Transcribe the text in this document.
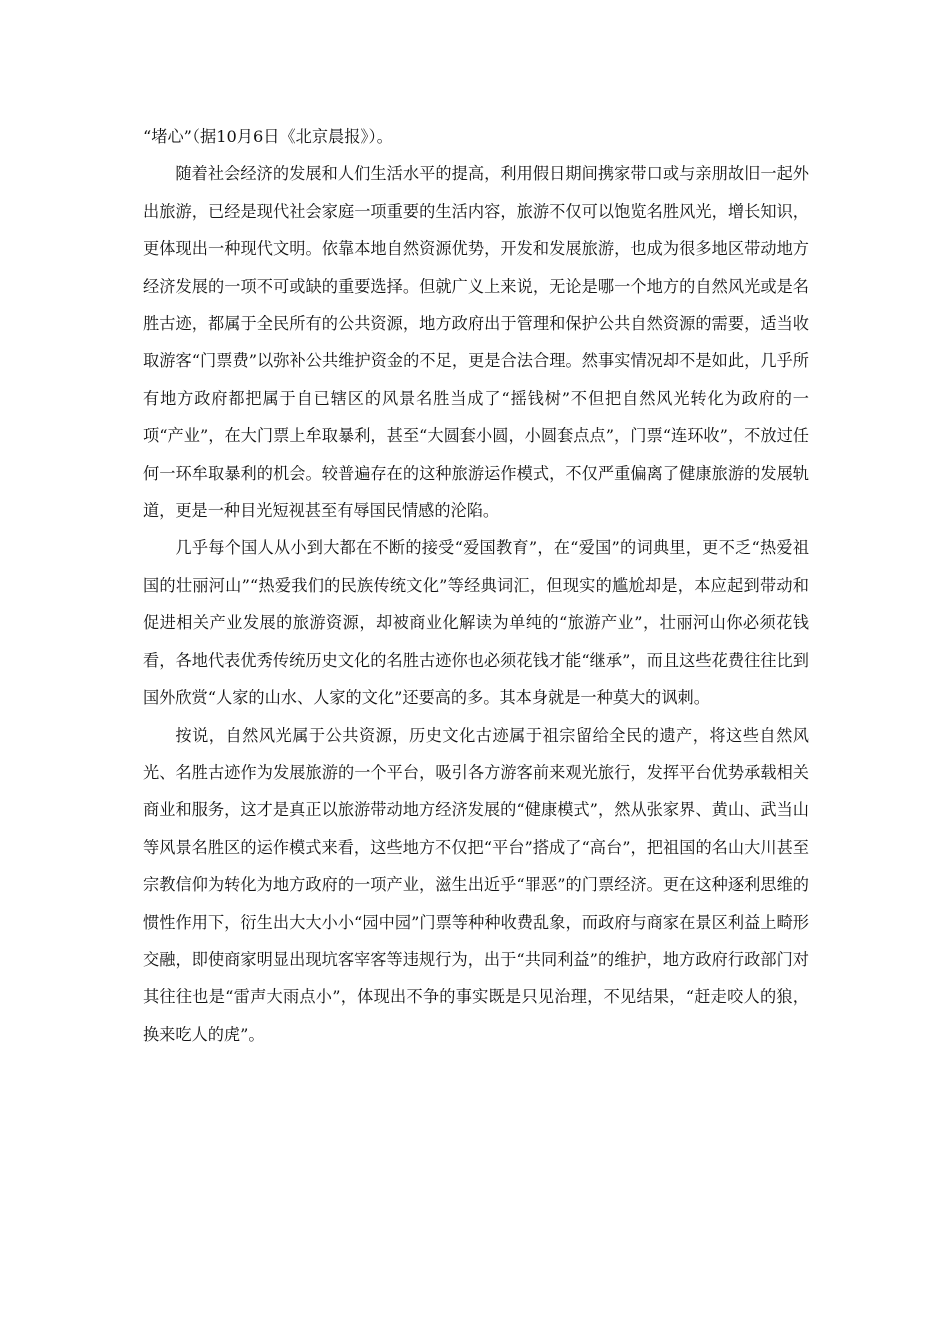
“堵心”（据10月6日《北京晨报》）。

随着社会经济的发展和人们生活水平的提高，利用假日期间携家带口或与亲朋故旧一起外出旅游，已经是现代社会家庭一项重要的生活内容，旅游不仅可以饱览名胜风光，增长知识，更体现出一种现代文明。依靠本地自然资源优势，开发和发展旅游，也成为很多地区带动地方经济发展的一项不可或缺的重要选择。但就广义上来说，无论是哪一个地方的自然风光或是名胜古迹，都属于全民所有的公共资源，地方政府出于管理和保护公共自然资源的需要，适当收取游客“门票费”以弥补公共维护资金的不足，更是合法合理。然事实情况却不是如此，几乎所有地方政府都把属于自已辖区的风景名胜当成了“摇钱树”不但把自然风光转化为政府的一项“产业”，在大门票上牟取暴利，甚至“大圆套小圆，小圆套点点”，门票“连环收”，不放过任何一环牟取暴利的机会。较普遍存在的这种旅游运作模式，不仅严重偏离了健康旅游的发展轨道，更是一种目光短视甚至有辱国民情感的沦陷。

几乎每个国人从小到大都在不断的接受“爱国教育”，在“爱国”的词典里，更不乏“热爱祖国的壮丽河山”“热爱我们的民族传统文化”等经典词汇，但现实的尴尬却是，本应起到带动和促进相关产业发展的旅游资源，却被商业化解读为单纯的“旅游产业”，壮丽河山你必须花钱看，各地代表优秀传统历史文化的名胜古迹你也必须花钱才能“继承”，而且这些花费往往比到国外欣赏“人家的山水、人家的文化”还要高的多。其本身就是一种莫大的讽刺。

按说，自然风光属于公共资源，历史文化古迹属于祖宗留给全民的遗产，将这些自然风光、名胜古迹作为发展旅游的一个平台，吸引各方游客前来观光旅行，发挥平台优势承载相关商业和服务，这才是真正以旅游带动地方经济发展的“健康模式”，然从张家界、黄山、武当山等风景名胜区的运作模式来看，这些地方不仅把“平台”搭成了“高台”，把祖国的名山大川甚至宗教信仰为转化为地方政府的一项产业，滋生出近乎“罪恶”的门票经济。更在这种逐利思维的惯性作用下，衍生出大大小小“园中园”门票等种种收费乱象，而政府与商家在景区利益上畸形交融，即使商家明显出现坑客宰客等违规行为，出于“共同利益”的维护，地方政府行政部门对其往往也是“雷声大雨点小”，体现出不争的事实既是只见治理，不见结果，“赶走咬人的狼，换来吃人的虎”。
